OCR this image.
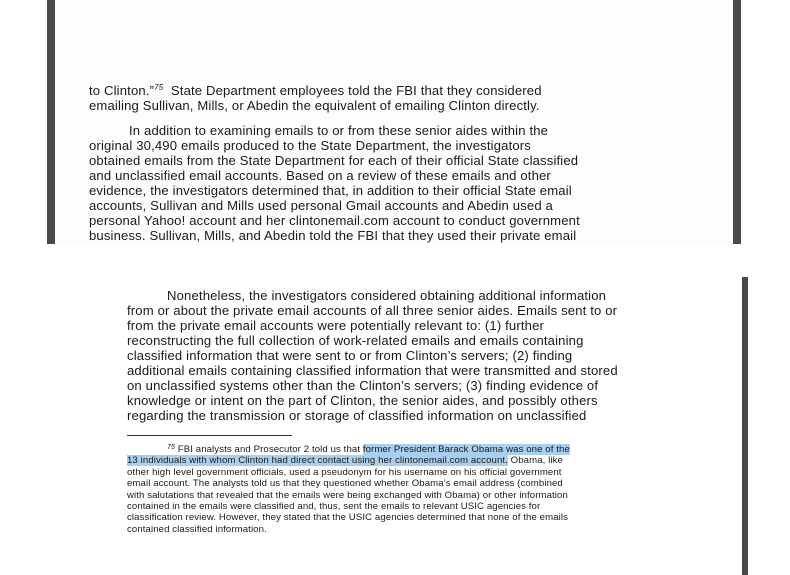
to Clinton.”$^{75}$  State Department employees told the FBI that they considered
emailing Sullivan, Mills, or Abedin the equivalent of emailing Clinton directly.

In addition to examining emails to or from these senior aides within the
original 30,490 emails produced to the State Department, the investigators
obtained emails from the State Department for each of their official State classified
and unclassified email accounts. Based on a review of these emails and other
evidence, the investigators determined that, in addition to their official State email
accounts, Sullivan and Mills used personal Gmail accounts and Abedin used a
personal Yahoo! account and her clintonemail.com account to conduct government
business. Sullivan, Mills, and Abedin told the FBI that they used their private email

Nonetheless, the investigators considered obtaining additional information
from or about the private email accounts of all three senior aides. Emails sent to or
from the private email accounts were potentially relevant to: (1) further
reconstructing the full collection of work-related emails and emails containing
classified information that were sent to or from Clinton’s servers; (2) finding
additional emails containing classified information that were transmitted and stored
on unclassified systems other than the Clinton’s servers; (3) finding evidence of
knowledge or intent on the part of Clinton, the senior aides, and possibly others
regarding the transmission or storage of classified information on unclassified

$^{75}$ FBI analysts and Prosecutor 2 told us that former President Barack Obama was one of the
13 individuals with whom Clinton had direct contact using her clintonemail.com account. Obama, like
other high level government officials, used a pseudonym for his username on his official government
email account. The analysts told us that they questioned whether Obama’s email address (combined
with salutations that revealed that the emails were being exchanged with Obama) or other information
contained in the emails were classified and, thus, sent the emails to relevant USIC agencies for
classification review. However, they stated that the USIC agencies determined that none of the emails
contained classified information.
